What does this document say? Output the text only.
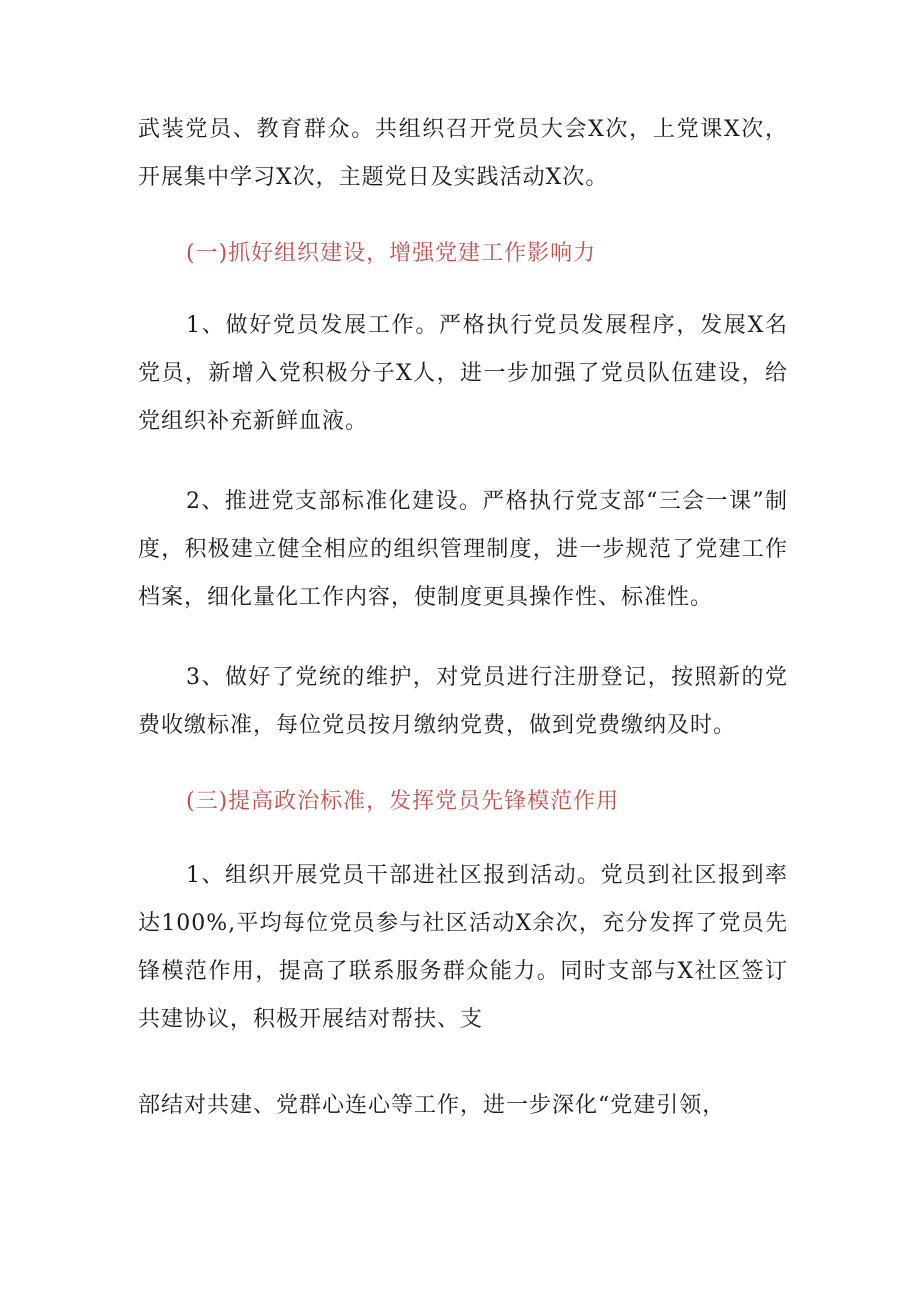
武装党员、教育群众。共组织召开党员大会X次，上党课X次，开展集中学习X次，主题党日及实践活动X次。

(一)抓好组织建设，增强党建工作影响力

1、做好党员发展工作。严格执行党员发展程序，发展X名党员，新增入党积极分子X人，进一步加强了党员队伍建设，给党组织补充新鲜血液。

2、推进党支部标准化建设。严格执行党支部“三会一课”制度，积极建立健全相应的组织管理制度，进一步规范了党建工作档案，细化量化工作内容，使制度更具操作性、标准性。

3、做好了党统的维护，对党员进行注册登记，按照新的党费收缴标准，每位党员按月缴纳党费，做到党费缴纳及时。

(三)提高政治标准，发挥党员先锋模范作用

1、组织开展党员干部进社区报到活动。党员到社区报到率达100%,平均每位党员参与社区活动X余次，充分发挥了党员先锋模范作用，提高了联系服务群众能力。同时支部与X社区签订共建协议，积极开展结对帮扶、支

部结对共建、党群心连心等工作，进一步深化“党建引领，
